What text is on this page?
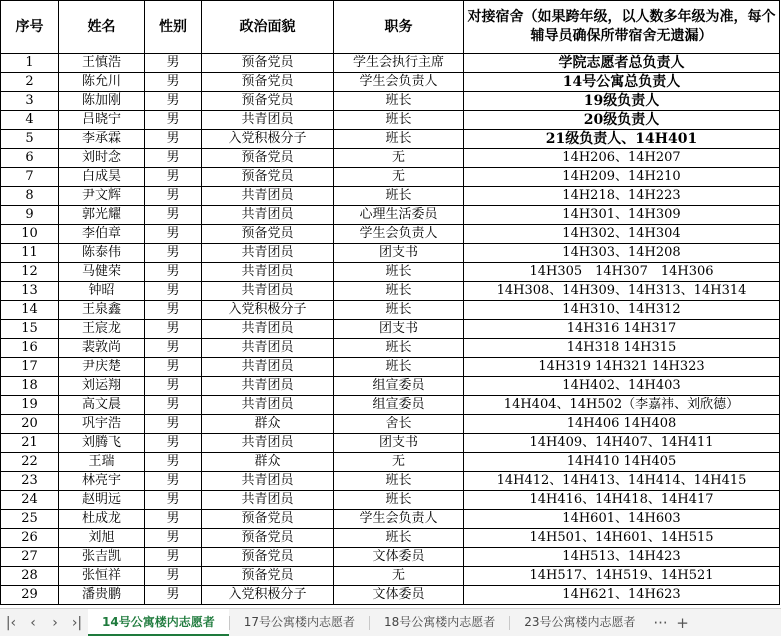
序号	姓名	性别	政治面貌	职务	对接宿舍（如果跨年级，以人数多年级为准，每个辅导员确保所带宿舍无遗漏）
1	王慎浩	男	预备党员	学生会执行主席	学院志愿者总负责人
2	陈允川	男	预备党员	学生会负责人	14号公寓总负责人
3	陈加刚	男	预备党员	班长	19级负责人
4	吕晓宁	男	共青团员	班长	20级负责人
5	李承霖	男	入党积极分子	班长	21级负责人、14H401
6	刘时念	男	预备党员	无	14H206、14H207
7	白成昊	男	预备党员	无	14H209、14H210
8	尹文辉	男	共青团员	班长	14H218、14H223
9	郭光耀	男	共青团员	心理生活委员	14H301、14H309
10	李伯章	男	预备党员	学生会负责人	14H302、14H304
11	陈泰伟	男	共青团员	团支书	14H303、14H208
12	马健荣	男	共青团员	班长	14H305　14H307　14H306
13	钟昭	男	共青团员	班长	14H308、14H309、14H313、14H314
14	王泉鑫	男	入党积极分子	班长	14H310、14H312
15	王宸龙	男	共青团员	团支书	14H316 14H317
16	裴敦尚	男	共青团员	班长	14H318 14H315
17	尹庆楚	男	共青团员	班长	14H319 14H321 14H323
18	刘运翔	男	共青团员	组宣委员	14H402、14H403
19	高文晨	男	共青团员	组宣委员	14H404、14H502（李嘉祎、刘欣德）
20	巩宇浩	男	群众	舍长	14H406 14H408
21	刘腾飞	男	共青团员	团支书	14H409、14H407、14H411
22	王瑞	男	群众	无	14H410 14H405
23	林亮宇	男	共青团员	班长	14H412、14H413、14H414、14H415
24	赵明远	男	共青团员	班长	14H416、14H418、14H417
25	杜成龙	男	预备党员	学生会负责人	14H601、14H603
26	刘旭	男	预备党员	班长	14H501、14H601、14H515
27	张吉凯	男	预备党员	文体委员	14H513、14H423
28	张恒祥	男	预备党员	无	14H517、14H519、14H521
29	潘贵鹏	男	入党积极分子	文体委员	14H621、14H623
|‹	‹	›	›|	14号公寓楼内志愿者	17号公寓楼内志愿者	18号公寓楼内志愿者	23号公寓楼内志愿者	··· +
